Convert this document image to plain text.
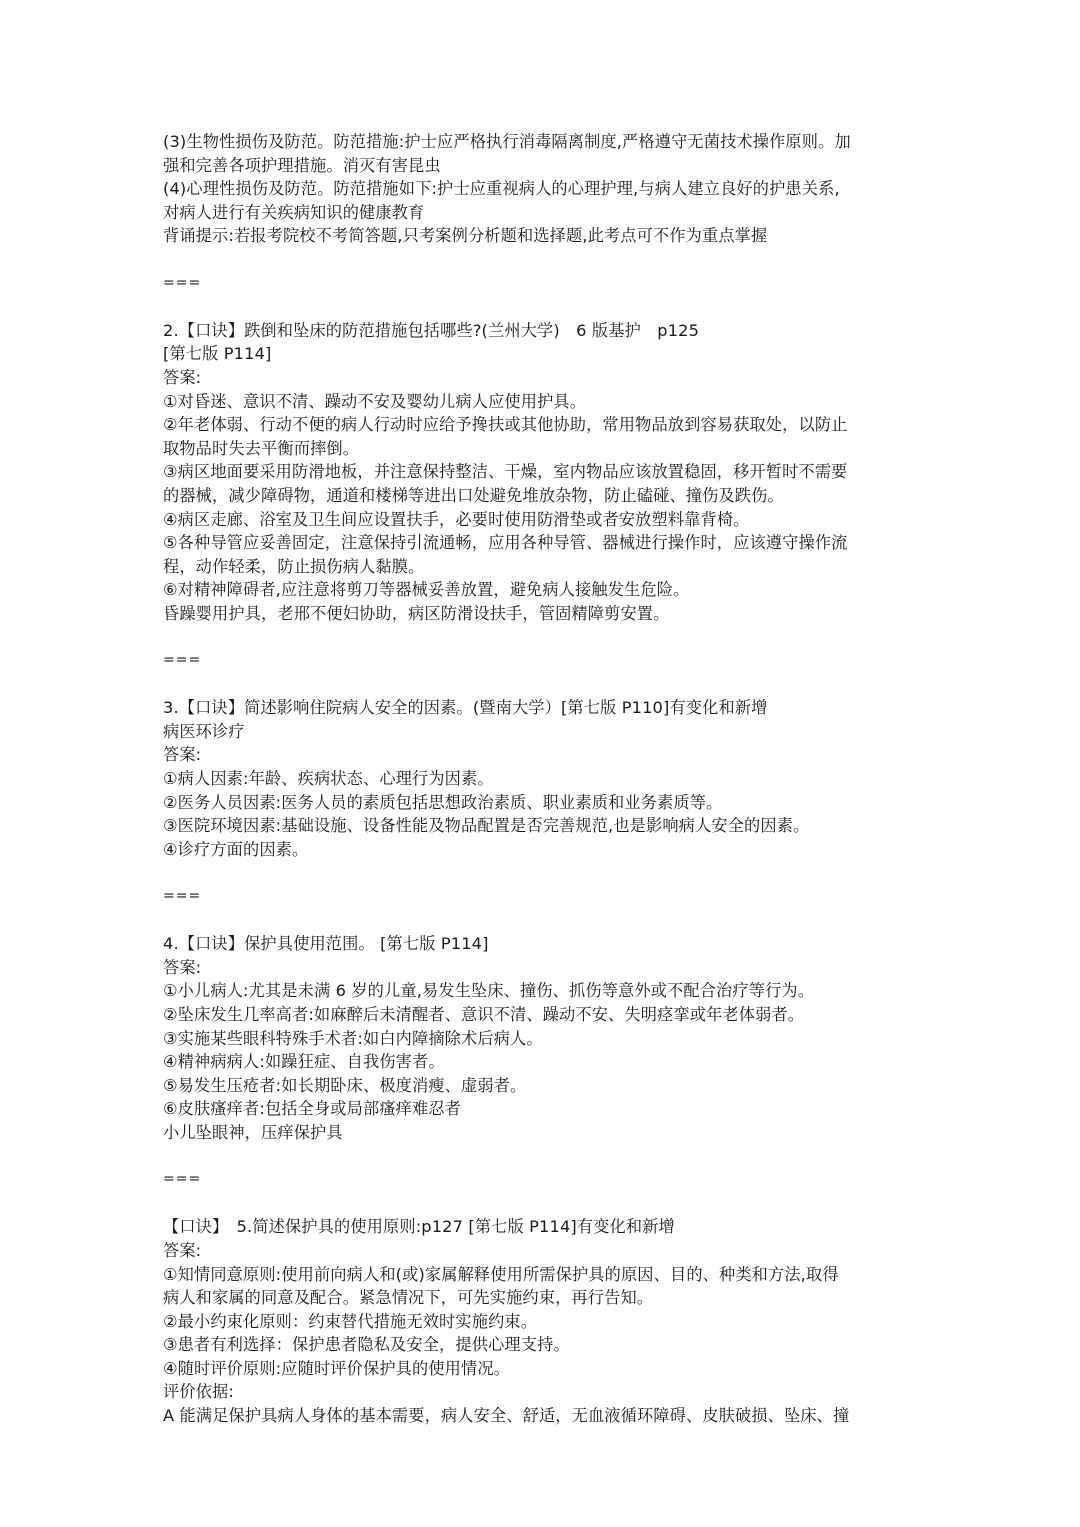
(3)生物性损伤及防范。防范措施:护士应严格执行消毒隔离制度,严格遵守无菌技术操作原则。加
强和完善各项护理措施。消灭有害昆虫
(4)心理性损伤及防范。防范措施如下:护士应重视病人的心理护理,与病人建立良好的护患关系,
对病人进行有关疾病知识的健康教育
背诵提示:若报考院校不考简答题,只考案例分析题和选择题,此考点可不作为重点掌握
===
2.【口诀】跌倒和坠床的防范措施包括哪些?(兰州大学)　6 版基护　p125
[第七版 P114]
答案:
①对昏迷、意识不清、躁动不安及婴幼儿病人应使用护具。
②年老体弱、行动不便的病人行动时应给予搀扶或其他协助，常用物品放到容易获取处，以防止
取物品时失去平衡而摔倒。
③病区地面要采用防滑地板，并注意保持整洁、干燥，室内物品应该放置稳固，移开暂时不需要
的器械，减少障碍物，通道和楼梯等进出口处避免堆放杂物，防止磕碰、撞伤及跌伤。
④病区走廊、浴室及卫生间应设置扶手，必要时使用防滑垫或者安放塑料靠背椅。
⑤各种导管应妥善固定，注意保持引流通畅，应用各种导管、器械进行操作时，应该遵守操作流
程，动作轻柔，防止损伤病人黏膜。
⑥对精神障碍者,应注意将剪刀等器械妥善放置，避免病人接触发生危险。
昏躁婴用护具，老邢不便妇协助，病区防滑设扶手，管固精障剪安置。
===
3.【口诀】简述影响住院病人安全的因素。(暨南大学）[第七版 P110]有变化和新增
病医环诊疗
答案:
①病人因素:年龄、疾病状态、心理行为因素。
②医务人员因素:医务人员的素质包括思想政治素质、职业素质和业务素质等。
③医院环境因素:基础设施、设备性能及物品配置是否完善规范,也是影响病人安全的因素。
④诊疗方面的因素。
===
4.【口诀】保护具使用范围。 [第七版 P114]
答案:
①小儿病人:尤其是未满 6 岁的儿童,易发生坠床、撞伤、抓伤等意外或不配合治疗等行为。
②坠床发生几率高者:如麻醉后未清醒者、意识不清、躁动不安、失明痉挛或年老体弱者。
③实施某些眼科特殊手术者:如白内障摘除术后病人。
④精神病病人:如躁狂症、自我伤害者。
⑤易发生压疮者:如长期卧床、极度消瘦、虚弱者。
⑥皮肤瘙痒者:包括全身或局部瘙痒难忍者
小儿坠眼神，压痒保护具
===
【口诀】　5.简述保护具的使用原则:p127 [第七版 P114]有变化和新增
答案:
①知情同意原则:使用前向病人和(或)家属解释使用所需保护具的原因、目的、种类和方法,取得
病人和家属的同意及配合。紧急情况下，可先实施约束，再行告知。
②最小约束化原则：约束替代措施无效时实施约束。
③患者有利选择：保护患者隐私及安全，提供心理支持。
④随时评价原则:应随时评价保护具的使用情况。
评价依据:
A 能满足保护具病人身体的基本需要，病人安全、舒适，无血液循环障碍、皮肤破损、坠床、撞
